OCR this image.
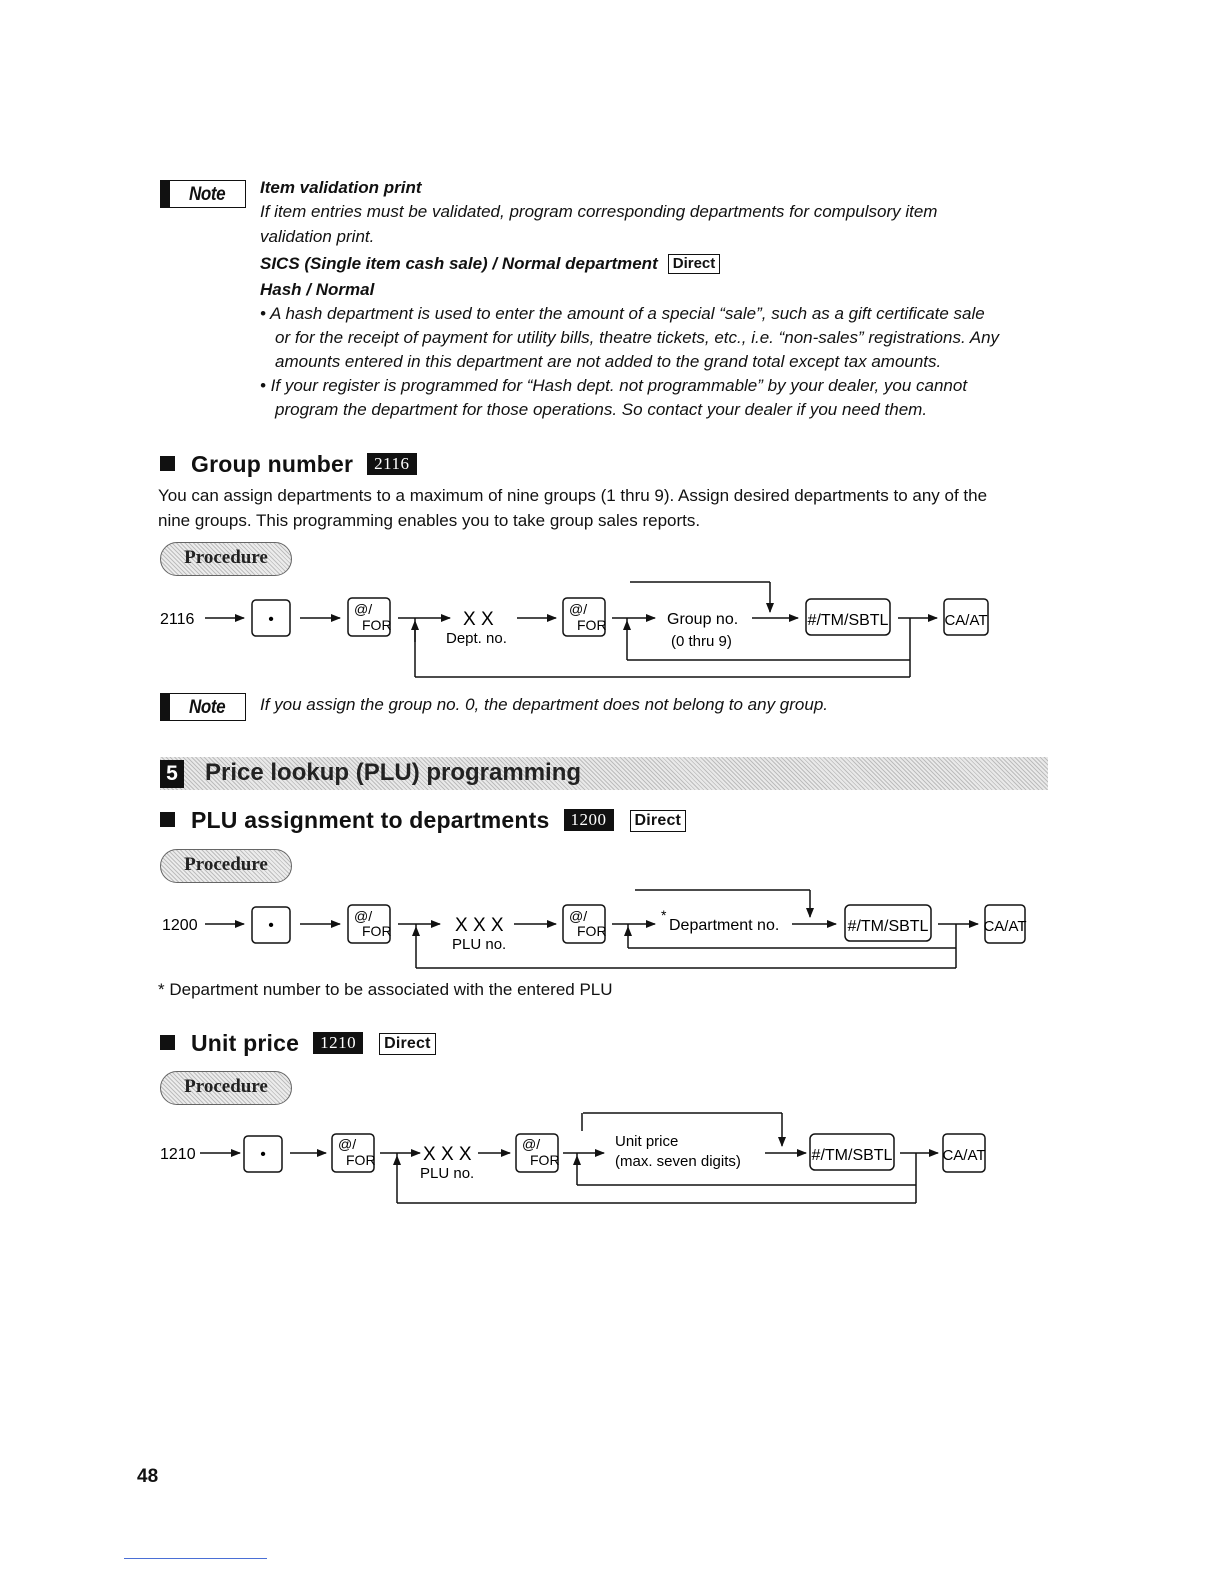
Note Item validation print
If item entries must be validated, program corresponding departments for compulsory item
validation print.
SICS (Single item cash sale) / Normal department Direct
Hash / Normal
• A hash department is used to enter the amount of a special “sale”, such as a gift certificate sale
or for the receipt of payment for utility bills, theatre tickets, etc., i.e. “non-sales” registrations. Any
amounts entered in this department are not added to the grand total except tax amounts.
• If your register is programmed for “Hash dept. not programmable” by your dealer, you cannot
program the department for those operations. So contact your dealer if you need them.
Group number 2116
You can assign departments to a maximum of nine groups (1 thru 9). Assign desired departments to any of the
nine groups. This programming enables you to take group sales reports.
Procedure
2116	•
@/
FOR	X X
Dept. no.
@/
FOR	Group no.
(0 thru 9)
#/TM/SBTL	CA/AT
Note If you assign the group no. 0, the department does not belong to any group.
5 Price lookup (PLU) programming
PLU assignment to departments 1200 Direct
Procedure
1200	•
@/
FOR	X X X
PLU no.
@/
FOR
*
Department no.	#/TM/SBTL	CA/AT
* Department number to be associated with the entered PLU
Unit price 1210 Direct
Procedure
1210	•
@/
FOR X X X
PLU no.
@/
FOR
Unit price
(max. seven digits)	#/TM/SBTL	CA/AT
48
